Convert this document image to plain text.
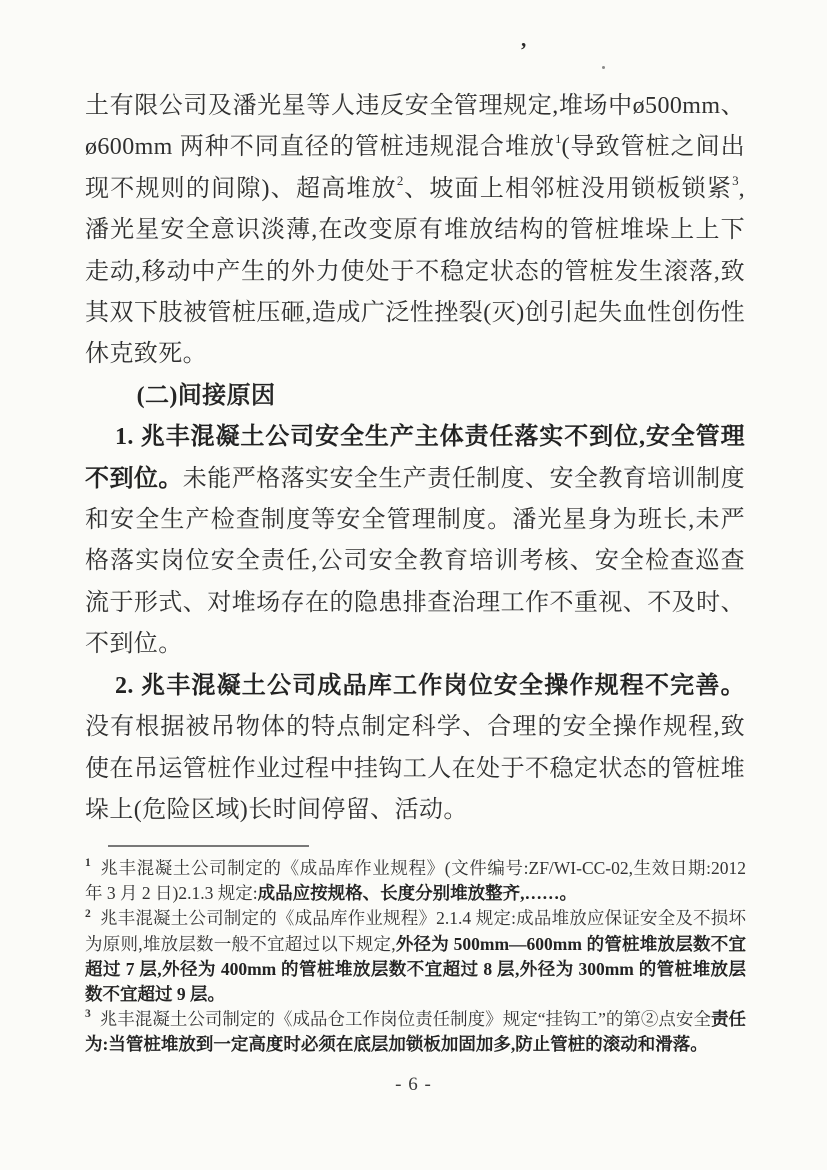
’

土有限公司及潘光星等人违反安全管理规定,堆场中ø500mm、ø600mm 两种不同直径的管桩违规混合堆放$^1$(导致管桩之间出现不规则的间隙)、超高堆放$^2$、坡面上相邻桩没用锁板锁紧$^3$,潘光星安全意识淡薄,在改变原有堆放结构的管桩堆垛上上下走动,移动中产生的外力使处于不稳定状态的管桩发生滚落,致其双下肢被管桩压砸,造成广泛性挫裂(灭)创引起失血性创伤性休克致死。

(二)间接原因

1. 兆丰混凝土公司安全生产主体责任落实不到位,安全管理不到位。未能严格落实安全生产责任制度、安全教育培训制度和安全生产检查制度等安全管理制度。潘光星身为班长,未严格落实岗位安全责任,公司安全教育培训考核、安全检查巡查流于形式、对堆场存在的隐患排查治理工作不重视、不及时、不到位。

2. 兆丰混凝土公司成品库工作岗位安全操作规程不完善。没有根据被吊物体的特点制定科学、合理的安全操作规程,致使在吊运管桩作业过程中挂钩工人在处于不稳定状态的管桩堆垛上(危险区域)长时间停留、活动。

$^1$ 兆丰混凝土公司制定的《成品库作业规程》(文件编号:ZF/WI-CC-02,生效日期:2012 年 3 月 2 日)2.1.3 规定:成品应按规格、长度分别堆放整齐,……。

$^2$ 兆丰混凝土公司制定的《成品库作业规程》2.1.4 规定:成品堆放应保证安全及不损坏为原则,堆放层数一般不宜超过以下规定,外径为 500mm—600mm 的管桩堆放层数不宜超过 7 层,外径为 400mm 的管桩堆放层数不宜超过 8 层,外径为 300mm 的管桩堆放层数不宜超过 9 层。

$^3$ 兆丰混凝土公司制定的《成品仓工作岗位责任制度》规定“挂钩工”的第②点安全责任为:当管桩堆放到一定高度时必须在底层加锁板加固加多,防止管桩的滚动和滑落。

- 6 -
